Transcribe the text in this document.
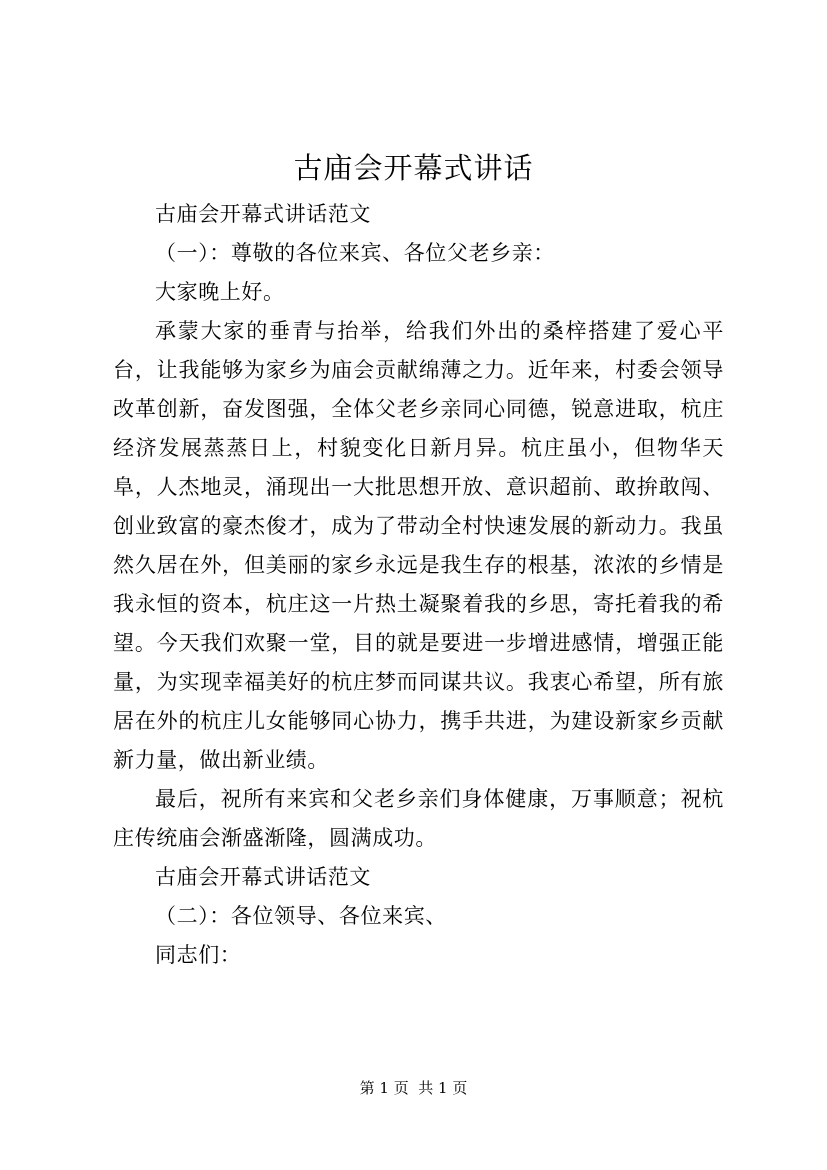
古庙会开幕式讲话

古庙会开幕式讲话范文

（一）：尊敬的各位来宾、各位父老乡亲：

大家晚上好。

承蒙大家的垂青与抬举，给我们外出的桑梓搭建了爱心平台，让我能够为家乡为庙会贡献绵薄之力。近年来，村委会领导改革创新，奋发图强，全体父老乡亲同心同德，锐意进取，杭庄经济发展蒸蒸日上，村貌变化日新月异。杭庄虽小，但物华天阜，人杰地灵，涌现出一大批思想开放、意识超前、敢拚敢闯、创业致富的豪杰俊才，成为了带动全村快速发展的新动力。我虽然久居在外，但美丽的家乡永远是我生存的根基，浓浓的乡情是我永恒的资本，杭庄这一片热土凝聚着我的乡思，寄托着我的希望。今天我们欢聚一堂，目的就是要进一步增进感情，增强正能量，为实现幸福美好的杭庄梦而同谋共议。我衷心希望，所有旅居在外的杭庄儿女能够同心协力，携手共进，为建设新家乡贡献新力量，做出新业绩。

最后，祝所有来宾和父老乡亲们身体健康，万事顺意；祝杭庄传统庙会渐盛渐隆，圆满成功。

古庙会开幕式讲话范文

（二）：各位领导、各位来宾、

同志们：

第 1 页  共 1 页
